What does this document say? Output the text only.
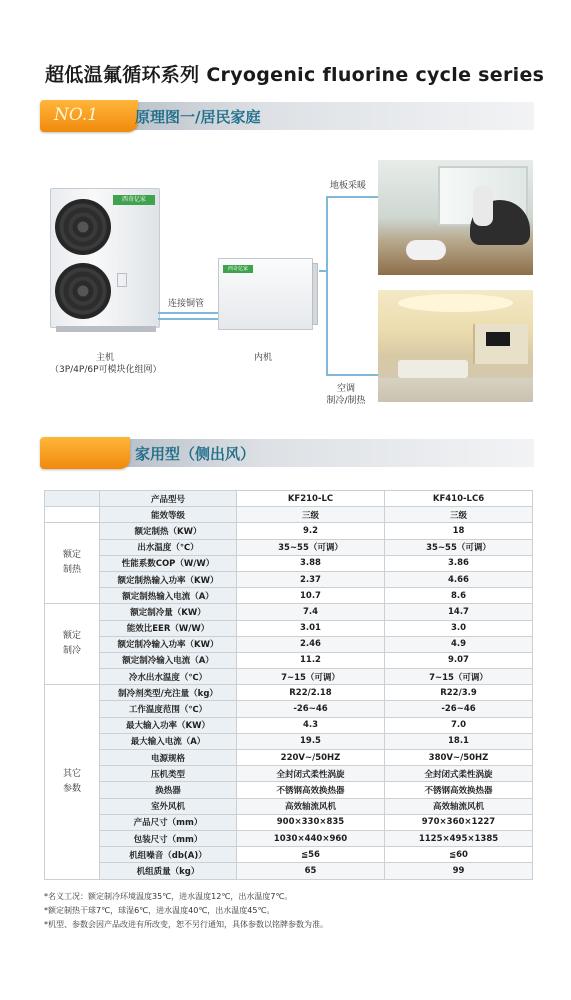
超低温氟循环系列 Cryogenic fluorine cycle series
NO.1 原理图一/居民家庭
西奇亿家
西奇亿家
地板采暖
连接铜管
主机
（3P/4P/6P可模块化组网）
内机
空调
制冷/制热
家用型（侧出风）
	产品型号	KF210-LC	KF410-LC6
	能效等级	三级	三级
额定
制热	额定制热（KW）	9.2	18
	出水温度（℃）	35~55（可调）	35~55（可调）
	性能系数COP（W/W）	3.88	3.86
	额定制热输入功率（KW）	2.37	4.66
	额定制热输入电流（A）	10.7	8.6
额定
制冷	额定制冷量（KW）	7.4	14.7
	能效比EER（W/W）	3.01	3.0
	额定制冷输入功率（KW）	2.46	4.9
	额定制冷输入电流（A）	11.2	9.07
	冷水出水温度（℃）	7~15（可调）	7~15（可调）
其它
参数	制冷剂类型/充注量（kg）	R22/2.18	R22/3.9
	工作温度范围（℃）	-26~46	-26~46
	最大输入功率（KW）	4.3	7.0
	最大输入电流（A）	19.5	18.1
	电源规格	220V~/50HZ	380V~/50HZ
	压机类型	全封闭式柔性涡旋	全封闭式柔性涡旋
	换热器	不锈钢高效换热器	不锈钢高效换热器
	室外风机	高效轴流风机	高效轴流风机
	产品尺寸（mm）	900×330×835	970×360×1227
	包装尺寸（mm）	1030×440×960	1125×495×1385
	机组噪音（db(A)）	≦56	≦60
	机组质量（kg）	65	99
*名义工况：额定制冷环境温度35℃，进水温度12℃，出水温度7℃。
*额定制热干球7℃，球湿6℃，进水温度40℃，出水温度45℃。
*机型、参数会因产品改进有所改变，恕不另行通知，具体参数以铭牌参数为准。
